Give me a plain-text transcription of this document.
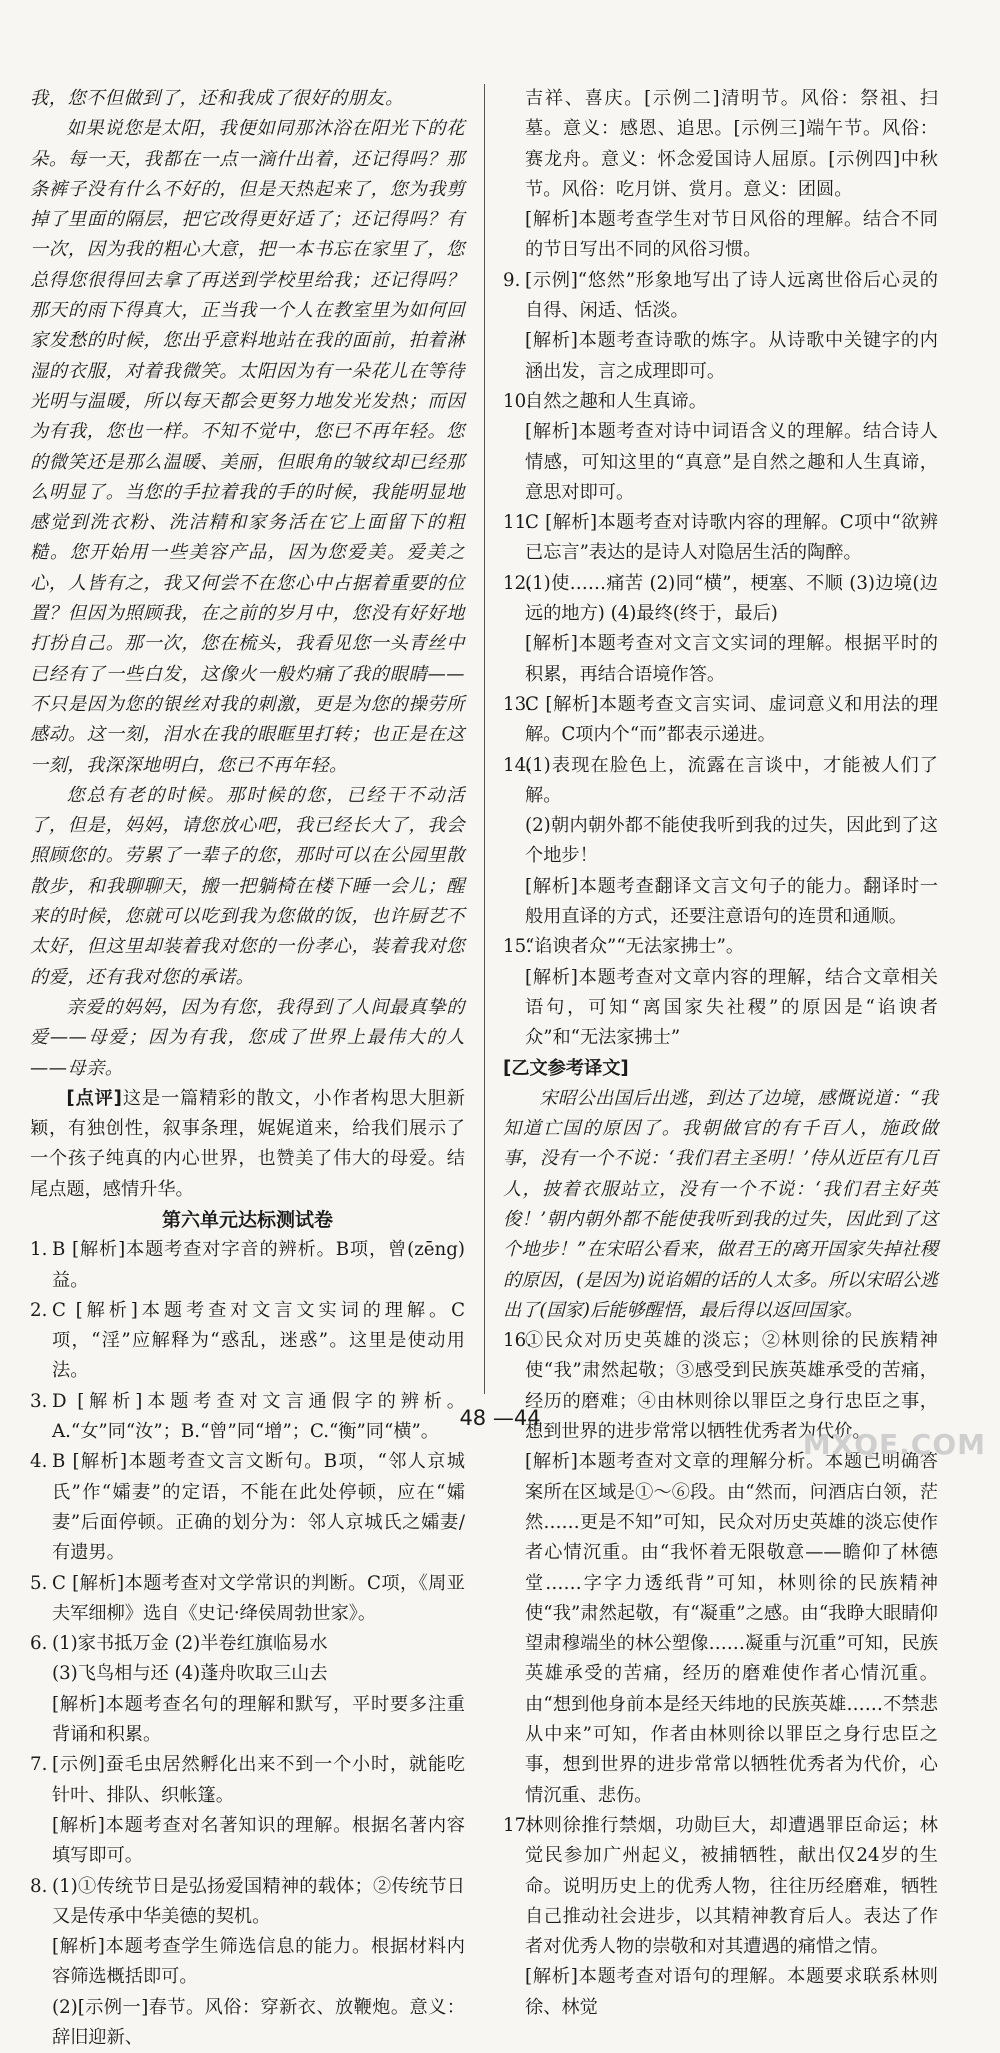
我，您不但做到了，还和我成了很好的朋友。

如果说您是太阳，我便如同那沐浴在阳光下的花朵。每一天，我都在一点一滴什出着，还记得吗？那条裤子没有什么不好的，但是天热起来了，您为我剪掉了里面的隔层，把它改得更好适了；还记得吗？有一次，因为我的粗心大意，把一本书忘在家里了，您总得您很得回去拿了再送到学校里给我；还记得吗？那天的雨下得真大，正当我一个人在教室里为如何回家发愁的时候，您出乎意料地站在我的面前，拍着淋湿的衣服，对着我微笑。太阳因为有一朵花儿在等待光明与温暖，所以每天都会更努力地发光发热；而因为有我，您也一样。不知不觉中，您已不再年轻。您的微笑还是那么温暖、美丽，但眼角的皱纹却已经那么明显了。当您的手拉着我的手的时候，我能明显地感觉到洗衣粉、洗洁精和家务活在它上面留下的粗糙。您开始用一些美容产品，因为您爱美。爱美之心，人皆有之，我又何尝不在您心中占据着重要的位置？但因为照顾我，在之前的岁月中，您没有好好地打扮自己。那一次，您在梳头，我看见您一头青丝中已经有了一些白发，这像火一般灼痛了我的眼睛——不只是因为您的银丝对我的刺激，更是为您的操劳所感动。这一刻，泪水在我的眼眶里打转；也正是在这一刻，我深深地明白，您已不再年轻。

您总有老的时候。那时候的您，已经干不动活了，但是，妈妈，请您放心吧，我已经长大了，我会照顾您的。劳累了一辈子的您，那时可以在公园里散散步，和我聊聊天，搬一把躺椅在楼下睡一会儿；醒来的时候，您就可以吃到我为您做的饭，也许厨艺不太好，但这里却装着我对您的一份孝心，装着我对您的爱，还有我对您的承诺。

亲爱的妈妈，因为有您，我得到了人间最真挚的爱——母爱；因为有我，您成了世界上最伟大的人——母亲。

[点评]这是一篇精彩的散文，小作者构思大胆新颖，有独创性，叙事条理，娓娓道来，给我们展示了一个孩子纯真的内心世界，也赞美了伟大的母爱。结尾点题，感情升华。

第六单元达标测试卷

1. B [解析]本题考查对字音的辨析。B项，曾(zēng)益。

2. C [解析]本题考查对文言文实词的理解。C项，“淫”应解释为“惑乱，迷惑”。这里是使动用法。

3. D [解析]本题考查对文言通假字的辨析。A.“女”同“汝”；B.“曾”同“增”；C.“衡”同“横”。

4. B [解析]本题考查文言文断句。B项，“邻人京城氏”作“孀妻”的定语，不能在此处停顿，应在“孀妻”后面停顿。正确的划分为：邻人京城氏之孀妻/有遗男。

5. C [解析]本题考查对文学常识的判断。C项，《周亚夫军细柳》选自《史记·绛侯周勃世家》。

6. (1)家书抵万金 (2)半卷红旗临易水

(3)飞鸟相与还 (4)蓬舟吹取三山去

[解析]本题考查名句的理解和默写，平时要多注重背诵和积累。

7. [示例]蚕毛虫居然孵化出来不到一个小时，就能吃针叶、排队、织帐篷。

[解析]本题考查对名著知识的理解。根据名著内容填写即可。

8. (1)①传统节日是弘扬爱国精神的载体；②传统节日又是传承中华美德的契机。

[解析]本题考查学生筛选信息的能力。根据材料内容筛选概括即可。

(2)[示例一]春节。风俗：穿新衣、放鞭炮。意义：辞旧迎新、

吉祥、喜庆。[示例二]清明节。风俗：祭祖、扫墓。意义：感恩、追思。[示例三]端午节。风俗：赛龙舟。意义：怀念爱国诗人屈原。[示例四]中秋节。风俗：吃月饼、赏月。意义：团圆。

[解析]本题考查学生对节日风俗的理解。结合不同的节日写出不同的风俗习惯。

9. [示例]“悠然”形象地写出了诗人远离世俗后心灵的自得、闲适、恬淡。

[解析]本题考查诗歌的炼字。从诗歌中关键字的内涵出发，言之成理即可。

10.

自然之趣和人生真谛。

[解析]本题考查对诗中词语含义的理解。结合诗人情感，可知这里的“真意”是自然之趣和人生真谛，意思对即可。

11.

C [解析]本题考查对诗歌内容的理解。C项中“欲辨已忘言”表达的是诗人对隐居生活的陶醉。

12.

(1)使……痛苦 (2)同“横”，梗塞、不顺 (3)边境(边远的地方) (4)最终(终于，最后)

[解析]本题考查对文言文实词的理解。根据平时的积累，再结合语境作答。

13.

C [解析]本题考查文言实词、虚词意义和用法的理解。C项内个“而”都表示递进。

14.

(1)表现在脸色上，流露在言谈中，才能被人们了解。

(2)朝内朝外都不能使我听到我的过失，因此到了这个地步！

[解析]本题考查翻译文言文句子的能力。翻译时一般用直译的方式，还要注意语句的连贯和通顺。

15.

“谄谀者众”“无法家拂士”。

[解析]本题考查对文章内容的理解，结合文章相关语句，可知“离国家失社稷”的原因是“谄谀者众”和“无法家拂士”

[乙文参考译文]

宋昭公出国后出逃，到达了边境，感慨说道：“我知道亡国的原因了。我朝做官的有千百人，施政做事，没有一个不说：‘我们君主圣明！’侍从近臣有几百人，披着衣服站立，没有一个不说：‘我们君主好英俊！’朝内朝外都不能使我听到我的过失，因此到了这个地步！”在宋昭公看来，做君王的离开国家失掉社稷的原因，(是因为)说谄媚的话的人太多。所以宋昭公逃出了(国家)后能够醒悟，最后得以返回国家。

16.

①民众对历史英雄的淡忘；②林则徐的民族精神使“我”肃然起敬；③感受到民族英雄承受的苦痛，经历的磨难；④由林则徐以罪臣之身行忠臣之事，想到世界的进步常常以牺牲优秀者为代价。

[解析]本题考查对文章的理解分析。本题已明确答案所在区域是①～⑥段。由“然而，问酒店白领，茫然……更是不知”可知，民众对历史英雄的淡忘使作者心情沉重。由“我怀着无限敬意——瞻仰了林德堂……字字力透纸背”可知，林则徐的民族精神使“我”肃然起敬，有“凝重”之感。由“我睁大眼睛仰望肃穆端坐的林公塑像……凝重与沉重”可知，民族英雄承受的苦痛，经历的磨难使作者心情沉重。由“想到他身前本是经天纬地的民族英雄……不禁悲从中来”可知，作者由林则徐以罪臣之身行忠臣之事，想到世界的进步常常以牺牲优秀者为代价，心情沉重、悲伤。

17.

林则徐推行禁烟，功勋巨大，却遭遇罪臣命运；林觉民参加广州起义，被捕牺牲，献出仅24岁的生命。说明历史上的优秀人物，往往历经磨难，牺牲自己推动社会进步，以其精神教育后人。表达了作者对优秀人物的崇敬和对其遭遇的痛惜之情。

[解析]本题考查对语句的理解。本题要求联系林则徐、林觉

48 —44
MXQE.COM
